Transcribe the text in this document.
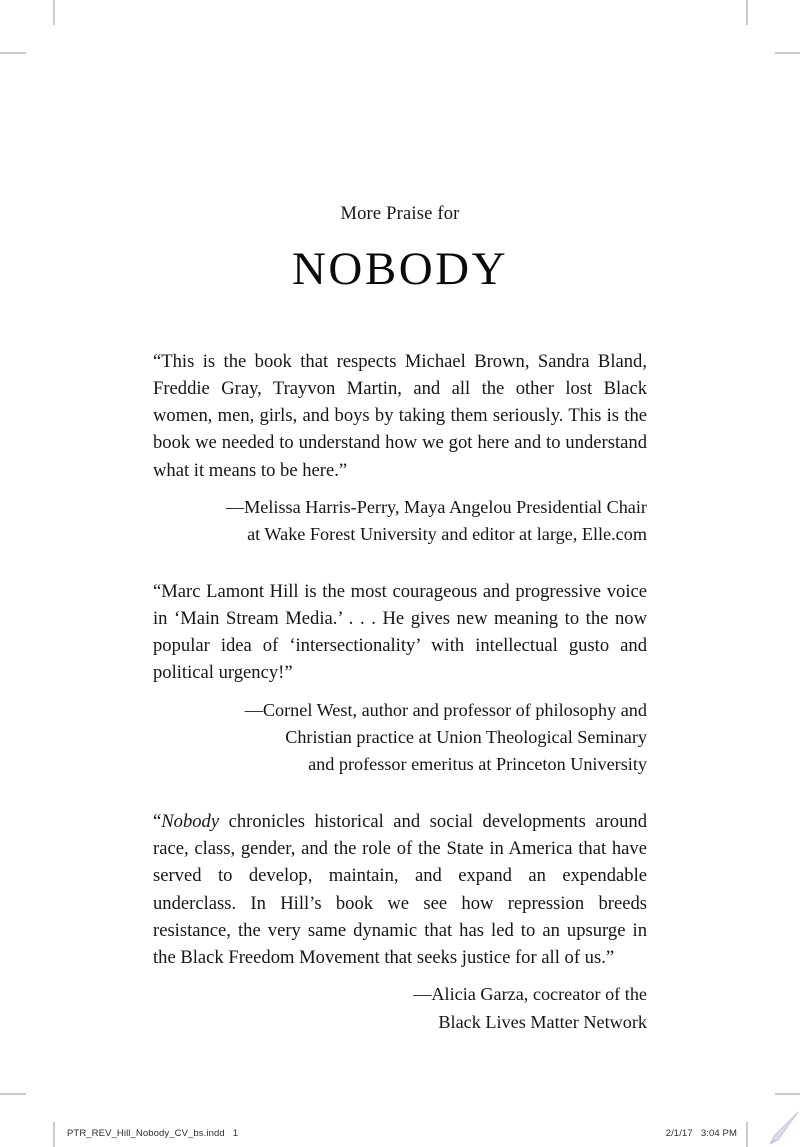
More Praise for

NOBODY

“This is the book that respects Michael Brown, Sandra Bland, Freddie Gray, Trayvon Martin, and all the other lost Black women, men, girls, and boys by taking them seriously. This is the book we needed to understand how we got here and to understand what it means to be here.”

—Melissa Harris-Perry, Maya Angelou Presidential Chair
at Wake Forest University and editor at large, Elle.com

“Marc Lamont Hill is the most courageous and progressive voice in ‘Main Stream Media.’ . . . He gives new meaning to the now popular idea of ‘intersectionality’ with intellectual gusto and political urgency!”

—Cornel West, author and professor of philosophy and
Christian practice at Union Theological Seminary
and professor emeritus at Princeton University

“Nobody chronicles historical and social developments around race, class, gender, and the role of the State in America that have served to develop, maintain, and expand an expendable underclass. In Hill’s book we see how repression breeds resistance, the very same dynamic that has led to an upsurge in the Black Freedom Movement that seeks justice for all of us.”

—Alicia Garza, cocreator of the
Black Lives Matter Network

PTR_REV_Hill_Nobody_CV_bs.indd   1	2/1/17   3:04 PM
